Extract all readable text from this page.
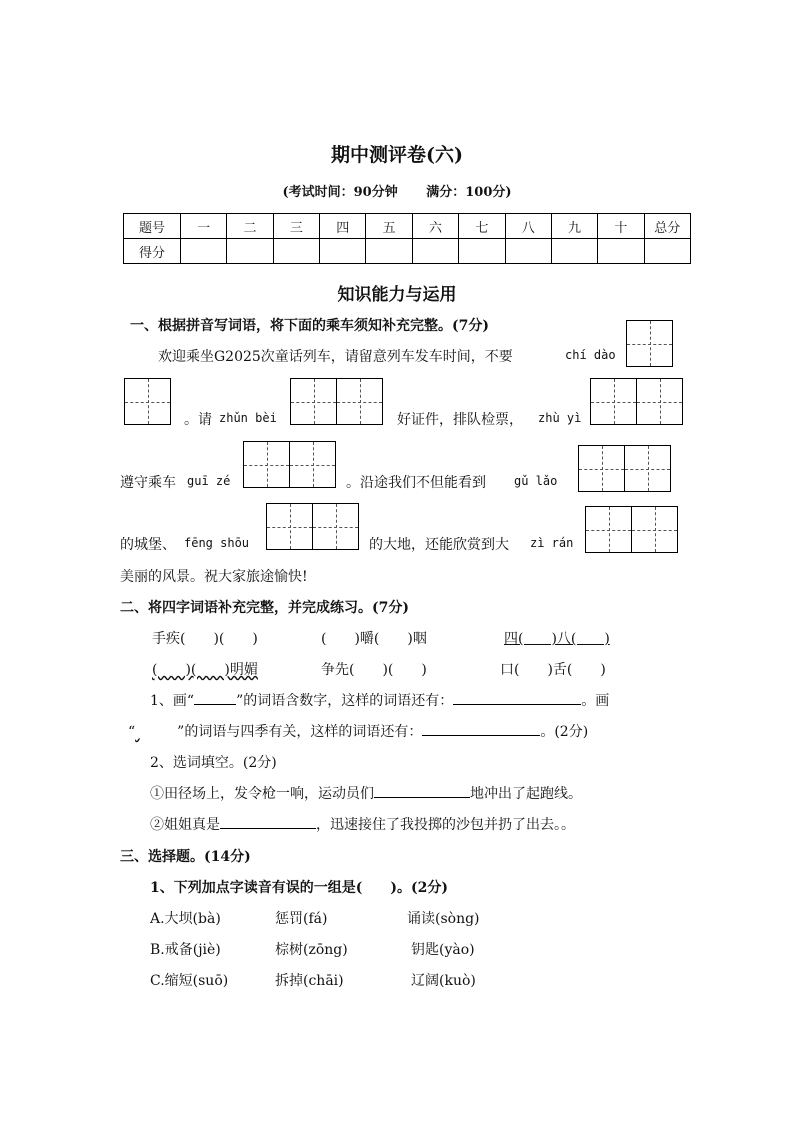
期中测评卷(六)
(考试时间：90分钟 满分：100分)
题号	一	二	三	四	五	六	七	八	九	十	总分
得分											
知识能力与运用
一、根据拼音写词语，将下面的乘车须知补充完整。(7分)
欢迎乘坐G2025次童话列车，请留意列车发车时间，不要	chí dào
。请 zhǔn bèi	好证件，排队检票， zhù yì
遵守乘车 guī zé	。沿途我们不但能看到 gǔ lǎo
的城堡、 fēng shōu	的大地，还能欣赏到大 zì rán
美丽的风景。祝大家旅途愉快!
二、将四字词语补充完整，并完成练习。(7分)
手疾(　　)(　　)	(　　)嚼(　　)咽	四(　　)八(　　)
(　　)(　　)明媚	争先(　　)(　　)	口(　　)舌(　　)
1、画“	”的词语含数字，这样的词语还有：	。画
“	”的词语与四季有关，这样的词语还有：	。(2分)
2、选词填空。(2分)
①田径场上，发令枪一响，运动员们	地冲出了起跑线。
②姐姐真是	，迅速接住了我投掷的沙包并扔了出去。。
三、选择题。(14分)
1、下列加点字读音有误的一组是(　　)。(2分)
A.大坝(bà)	惩罚(fá)	诵读(sòng)
B.戒备(jiè)	棕树(zōng)	钥匙(yào)
C.缩短(suō)	拆掉(chāi)	辽阔(kuò)
